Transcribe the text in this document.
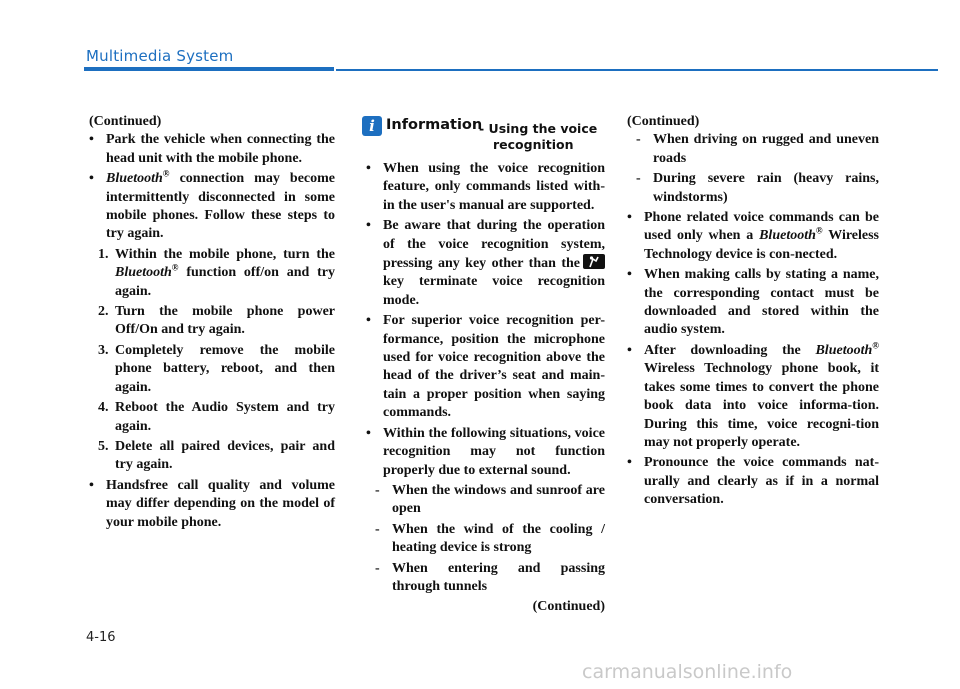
Multimedia System

(Continued)

• Park the vehicle when connecting the head unit with the mobile phone.

• Bluetooth® connection may become intermittently disconnected in some mobile phones. Follow these steps to try again.

1. Within the mobile phone, turn the Bluetooth® function off/on and try again.

2. Turn the mobile phone power Off/On and try again.

3. Completely remove the mobile phone battery, reboot, and then again.

4. Reboot the Audio System and try again.

5. Delete all paired devices, pair and try again.

• Handsfree call quality and volume may differ depending on the model of your mobile phone.

i Information
- Using the voice
recognition

• When using the voice recognition feature, only commands listed with-in the user's manual are supported.

• Be aware that during the operation of the voice recognition system, pressing any key other than the
key terminate voice recognition mode.

• For superior voice recognition per-formance, position the microphone used for voice recognition above the head of the driver’s seat and main-tain a proper position when saying commands.

• Within the following situations, voice recognition may not function properly due to external sound.

- When the windows and sunroof are open

- When the wind of the cooling / heating device is strong

- When entering and passing through tunnels

(Continued)

(Continued)

- When driving on rugged and uneven roads

- During severe rain (heavy rains, windstorms)

• Phone related voice commands can be used only when a Bluetooth® Wireless Technology device is con-nected.

• When making calls by stating a name, the corresponding contact must be downloaded and stored within the audio system.

• After downloading the Bluetooth® Wireless Technology phone book, it takes some times to convert the phone book data into voice informa-tion. During this time, voice recogni-tion may not properly operate.

• Pronounce the voice commands nat-urally and clearly as if in a normal conversation.

4-16
carmanualsonline.info
